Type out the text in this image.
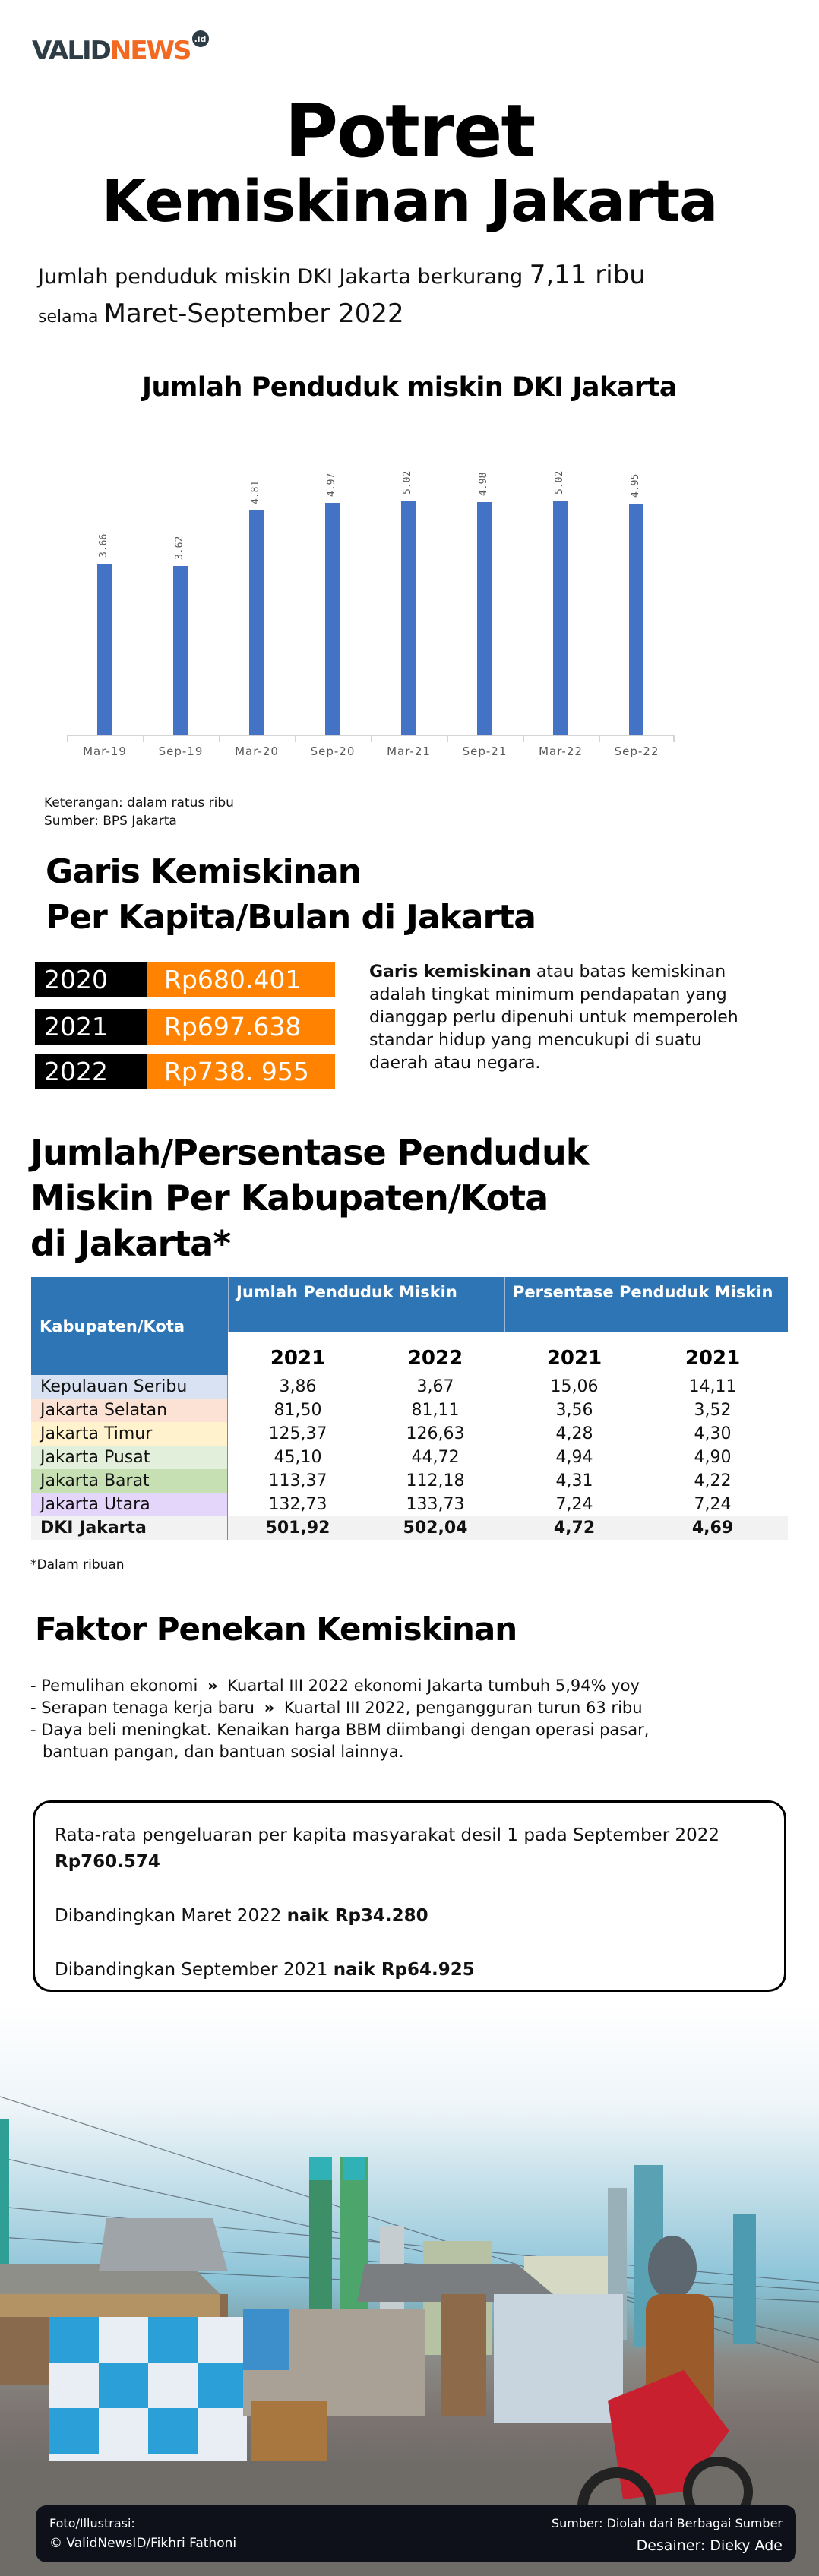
VALID NEWS .id
Potret
Kemiskinan Jakarta
Jumlah penduduk miskin DKI Jakarta berkurang 7,11 ribu
selama Maret-September 2022
Jumlah Penduduk miskin DKI Jakarta
3.66
Mar-19
3.62
Sep-19
4.81
Mar-20
4.97
Sep-20
5.02
Mar-21
4.98
Sep-21
5.02
Mar-22
4.95
Sep-22
Keterangan: dalam ratus ribu
Sumber: BPS Jakarta
Garis Kemiskinan
Per Kapita/Bulan di Jakarta
2020	Rp680.401
2021	Rp697.638
2022	Rp738. 955
Garis kemiskinan atau batas kemiskinan adalah tingkat minimum pendapatan yang dianggap perlu dipenuhi untuk memperoleh standar hidup yang mencukupi di suatu daerah atau negara.
Jumlah/Persentase Penduduk
Miskin Per Kabupaten/Kota
di Jakarta*
Kabupaten/Kota
Jumlah Penduduk Miskin	Persentase Penduduk Miskin
2021	2022	2021	2021
Kepulauan Seribu	3,86	3,67	15,06	14,11
Jakarta Selatan	81,50	81,11	3,56	3,52
Jakarta Timur	125,37	126,63	4,28	4,30
Jakarta Pusat	45,10	44,72	4,94	4,90
Jakarta Barat	113,37	112,18	4,31	4,22
Jakarta Utara	132,73	133,73	7,24	7,24
DKI Jakarta	501,92	502,04	4,72	4,69
*Dalam ribuan
Faktor Penekan Kemiskinan
- Pemulihan ekonomi » Kuartal III 2022 ekonomi Jakarta tumbuh 5,94% yoy
- Serapan tenaga kerja baru » Kuartal III 2022, pengangguran turun 63 ribu
- Daya beli meningkat. Kenaikan harga BBM diimbangi dengan operasi pasar,
bantuan pangan, dan bantuan sosial lainnya.

Rata-rata pengeluaran per kapita masyarakat desil 1 pada September 2022 Rp760.574

Dibandingkan Maret 2022 naik Rp34.280

Dibandingkan September 2021 naik Rp64.925

Foto/Illustrasi:
© ValidNewsID/Fikhri Fathoni
Sumber: Diolah dari Berbagai Sumber
Desainer: Dieky Ade
